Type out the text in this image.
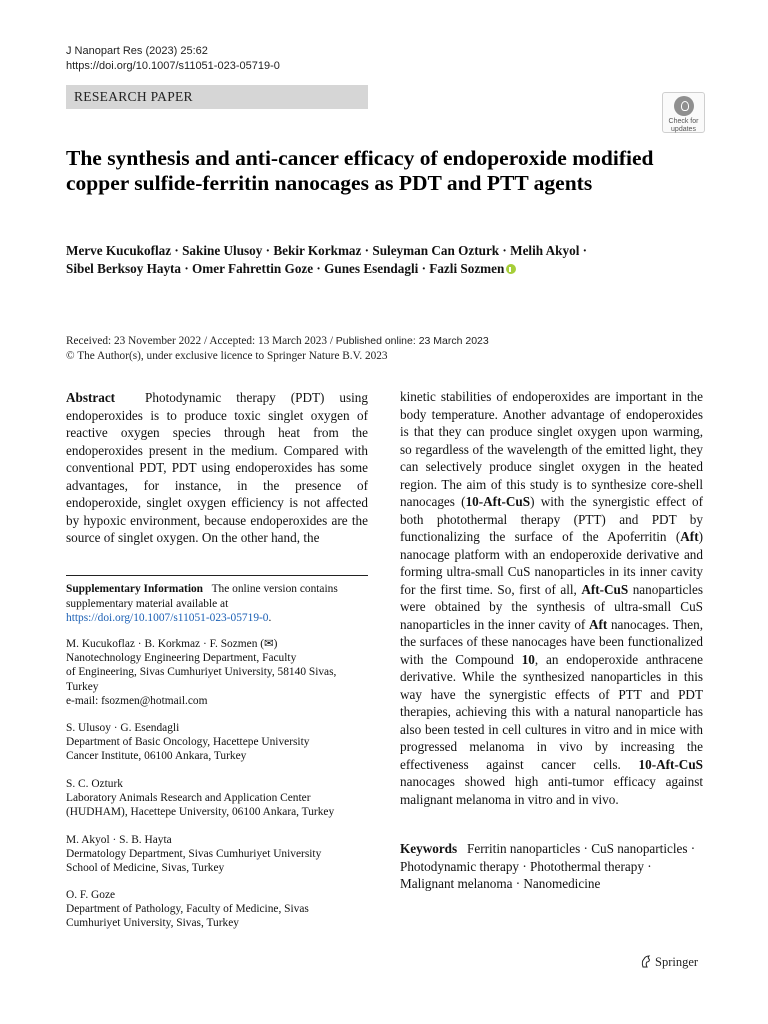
J Nanopart Res (2023) 25:62
https://doi.org/10.1007/s11051-023-05719-0
RESEARCH PAPER
Check for updates
The synthesis and anti-cancer efficacy of endoperoxide modified copper sulfide-ferritin nanocages as PDT and PTT agents
Merve Kucukoflaz · Sakine Ulusoy · Bekir Korkmaz · Suleyman Can Ozturk · Melih Akyol ·
Sibel Berksoy Hayta · Omer Fahrettin Goze · Gunes Esendagli · Fazli Sozmen
Received: 23 November 2022 / Accepted: 13 March 2023 / Published online: 23 March 2023
© The Author(s), under exclusive licence to Springer Nature B.V. 2023

Abstract Photodynamic therapy (PDT) using endoperoxides is to produce toxic singlet oxygen of reactive oxygen species through heat from the endoperoxides present in the medium. Compared with conventional PDT, PDT using endoperoxides has some advantages, for instance, in the presence of endoperoxide, singlet oxygen efficiency is not affected by hypoxic environment, because endoperoxides are the source of singlet oxygen. On the other hand, the

Supplementary Information The online version contains supplementary material available at https://doi.org/10.1007/s11051-023-05719-0.
M. Kucukoflaz · B. Korkmaz · F. Sozmen (✉)
Nanotechnology Engineering Department, Faculty
of Engineering, Sivas Cumhuriyet University, 58140 Sivas,
Turkey
e-mail: fsozmen@hotmail.com
S. Ulusoy · G. Esendagli
Department of Basic Oncology, Hacettepe University
Cancer Institute, 06100 Ankara, Turkey
S. C. Ozturk
Laboratory Animals Research and Application Center
(HUDHAM), Hacettepe University, 06100 Ankara, Turkey
M. Akyol · S. B. Hayta
Dermatology Department, Sivas Cumhuriyet University
School of Medicine, Sivas, Turkey
O. F. Goze
Department of Pathology, Faculty of Medicine, Sivas
Cumhuriyet University, Sivas, Turkey

kinetic stabilities of endoperoxides are important in the body temperature. Another advantage of endoperoxides is that they can produce singlet oxygen upon warming, so regardless of the wavelength of the emitted light, they can selectively produce singlet oxygen in the heated region. The aim of this study is to synthesize core-shell nanocages (10-Aft-CuS) with the synergistic effect of both photothermal therapy (PTT) and PDT by functionalizing the surface of the Apoferritin (Aft) nanocage platform with an endoperoxide derivative and forming ultra-small CuS nanoparticles in its inner cavity for the first time. So, first of all, Aft-CuS nanoparticles were obtained by the synthesis of ultra-small CuS nanoparticles in the inner cavity of Aft nanocages. Then, the surfaces of these nanocages have been functionalized with the Compound 10, an endoperoxide anthracene derivative. While the synthesized nanoparticles in this way have the synergistic effects of PTT and PDT therapies, achieving this with a natural nanoparticle has also been tested in cell cultures in vitro and in mice with progressed melanoma in vivo by increasing the effectiveness against cancer cells. 10-Aft-CuS nanocages showed high anti-tumor efficacy against malignant melanoma in vitro and in vivo.

Keywords Ferritin nanoparticles · CuS nanoparticles · Photodynamic therapy · Photothermal therapy · Malignant melanoma · Nanomedicine
Springer
